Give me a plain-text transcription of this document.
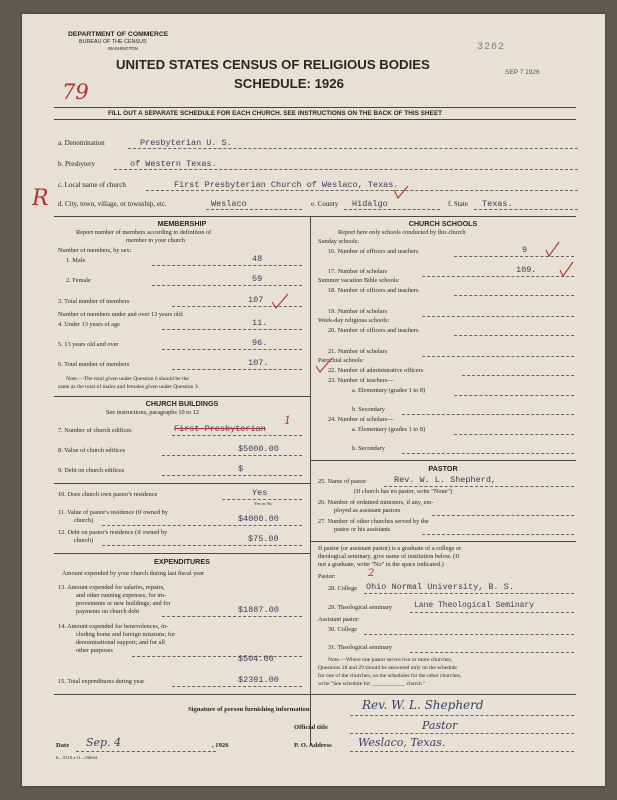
DEPARTMENT OF COMMERCE
BUREAU OF THE CENSUS
WASHINGTON
UNITED STATES CENSUS OF RELIGIOUS BODIES
SCHEDULE: 1926
3262
SEP 7 1926
79
R
FILL OUT A SEPARATE SCHEDULE FOR EACH CHURCH. SEE INSTRUCTIONS ON THE BACK OF THIS SHEET
a. Denomination	Presbyterian U. S.
b. Presbytery	of Western Texas.
c. Local name of church	First Presbyterian Church of Weslaco, Texas.
d. City, town, village, or township, etc.	Weslaco	e. County Hidalgo	f. State Texas.
MEMBERSHIP
Report number of members according to definition of
member in your church
Number of members, by sex:
1. Male	48
2. Female	59
3. Total number of members	107
Number of members under and over 13 years old:
4. Under 13 years of age	11.
5. 13 years old and over	96.
6. Total number of members	107.
Note.—The total given under Question 6 should be the
same as the total of males and females given under Question 3.
CHURCH BUILDINGS
See instructions, paragraphs 10 to 12
1
7. Number of church edifices	First Presbyterian
8. Value of church edifices	$5000.00
9. Debt on church edifices	$
10. Does church own pastor's residence	Yes
Yes or No
11. Value of pastor's residence (if owned by
church)	$4000.00
12. Debt on pastor's residence (if owned by
church)	$75.00
EXPENDITURES
Amount expended by your church during last fiscal year
13. Amount expended for salaries, repairs,
and other running expenses; for im-
provements or new buildings; and for
payments on church debt	$1887.00
14. Amount expended for benevolences, in-
cluding home and foreign missions; for
denominational support; and for all
other purposes
$504.00
15. Total expenditures during year	$2391.00
CHURCH SCHOOLS
Report here only schools conducted by this church
Sunday schools:
16. Number of officers and teachers	9
17. Number of scholars	109.
Summer vacation Bible schools:
18. Number of officers and teachers
19. Number of scholars
Week-day religious schools:
20. Number of officers and teachers
21. Number of scholars
Parochial schools:
22. Number of administrative officers
23. Number of teachers—
a. Elementary (grades 1 to 8)
b. Secondary
24. Number of scholars—
a. Elementary (grades 1 to 8)
b. Secondary
PASTOR
25. Name of pastor	Rev. W. L. Shepherd,
(If church has no pastor, write "None")
26. Number of ordained ministers, if any, em-
ployed as assistant pastors
27. Number of other churches served by the
pastor or his assistants
If pastor (or assistant pastor) is a graduate of a college or
theological seminary, give name of institution below. (If
not a graduate, write "No" in the space indicated.)
Pastor:	2
28. College Ohio Normal University, B. S.
29. Theological seminary	Lane Theological Seminary
Assistant pastor:
30. College
31. Theological seminary
Note.—Where one pastor serves two or more churches,
Questions 28 and 29 should be answered only on the schedule
for one of the churches; on the schedules for the other churches,
write "See schedule for ____________ church."
Signature of person furnishing information	Rev. W. L. Shepherd
Official title	Pastor
Date Sep. 4	, 1926	P. O. Address Weslaco, Texas.
6—5518 a 11—9664d
